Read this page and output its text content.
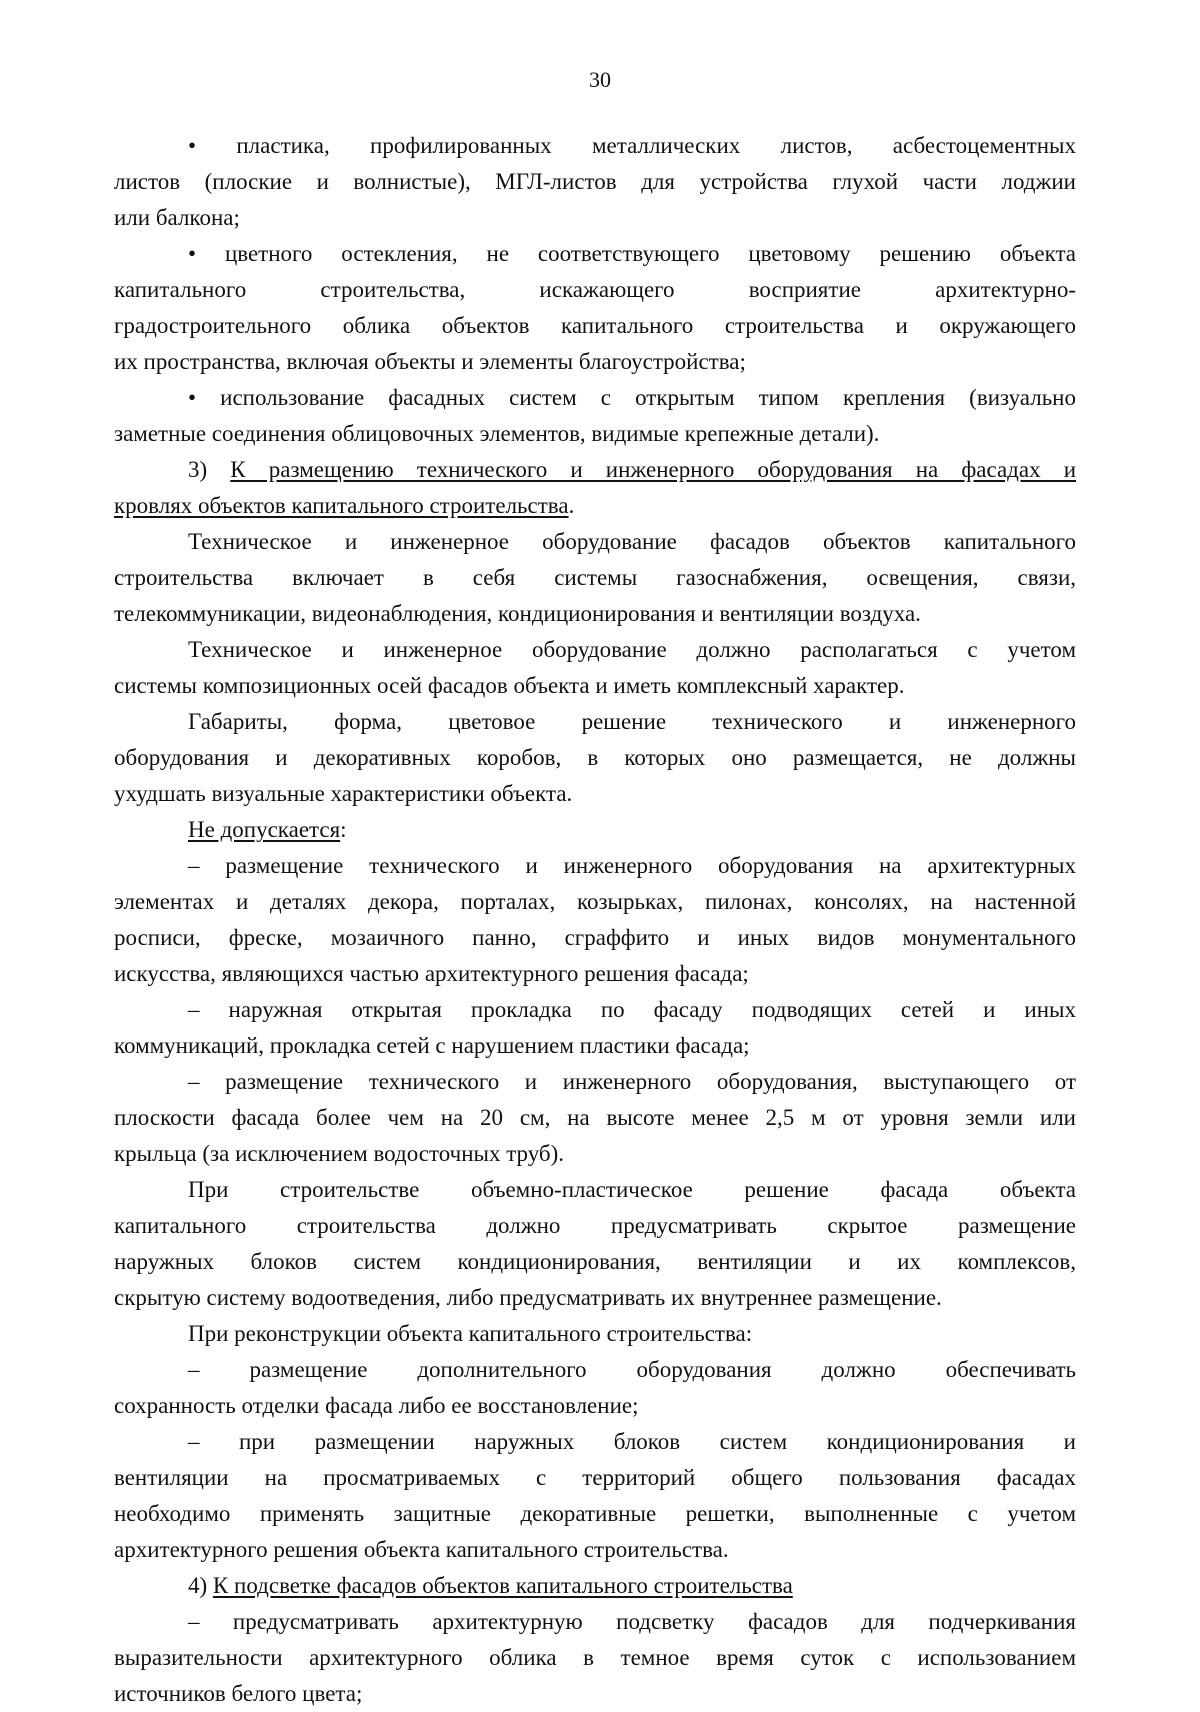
30
• пластика, профилированных металлических листов, асбестоцементных
листов (плоские и волнистые), МГЛ-листов для устройства глухой части лоджии
или балкона;
• цветного остекления, не соответствующего цветовому решению объекта
капитального строительства, искажающего восприятие архитектурно-
градостроительного облика объектов капитального строительства и окружающего
их пространства, включая объекты и элементы благоустройства;
• использование фасадных систем с открытым типом крепления (визуально
заметные соединения облицовочных элементов, видимые крепежные детали).
3) К размещению технического и инженерного оборудования на фасадах и
кровлях объектов капитального строительства.
Техническое и инженерное оборудование фасадов объектов капитального
строительства включает в себя системы газоснабжения, освещения, связи,
телекоммуникации, видеонаблюдения, кондиционирования и вентиляции воздуха.
Техническое и инженерное оборудование должно располагаться с учетом
системы композиционных осей фасадов объекта и иметь комплексный характер.
Габариты, форма, цветовое решение технического и инженерного
оборудования и декоративных коробов, в которых оно размещается, не должны
ухудшать визуальные характеристики объекта.
Не допускается:
– размещение технического и инженерного оборудования на архитектурных
элементах и деталях декора, порталах, козырьках, пилонах, консолях, на настенной
росписи, фреске, мозаичного панно, сграффито и иных видов монументального
искусства, являющихся частью архитектурного решения фасада;
– наружная открытая прокладка по фасаду подводящих сетей и иных
коммуникаций, прокладка сетей с нарушением пластики фасада;
– размещение технического и инженерного оборудования, выступающего от
плоскости фасада более чем на 20 см, на высоте менее 2,5 м от уровня земли или
крыльца (за исключением водосточных труб).
При строительстве объемно-пластическое решение фасада объекта
капитального строительства должно предусматривать скрытое размещение
наружных блоков систем кондиционирования, вентиляции и их комплексов,
скрытую систему водоотведения, либо предусматривать их внутреннее размещение.
При реконструкции объекта капитального строительства:
– размещение дополнительного оборудования должно обеспечивать
сохранность отделки фасада либо ее восстановление;
– при размещении наружных блоков систем кондиционирования и
вентиляции на просматриваемых с территорий общего пользования фасадах
необходимо применять защитные декоративные решетки, выполненные с учетом
архитектурного решения объекта капитального строительства.
4) К подсветке фасадов объектов капитального строительства
– предусматривать архитектурную подсветку фасадов для подчеркивания
выразительности архитектурного облика в темное время суток с использованием
источников белого цвета;
